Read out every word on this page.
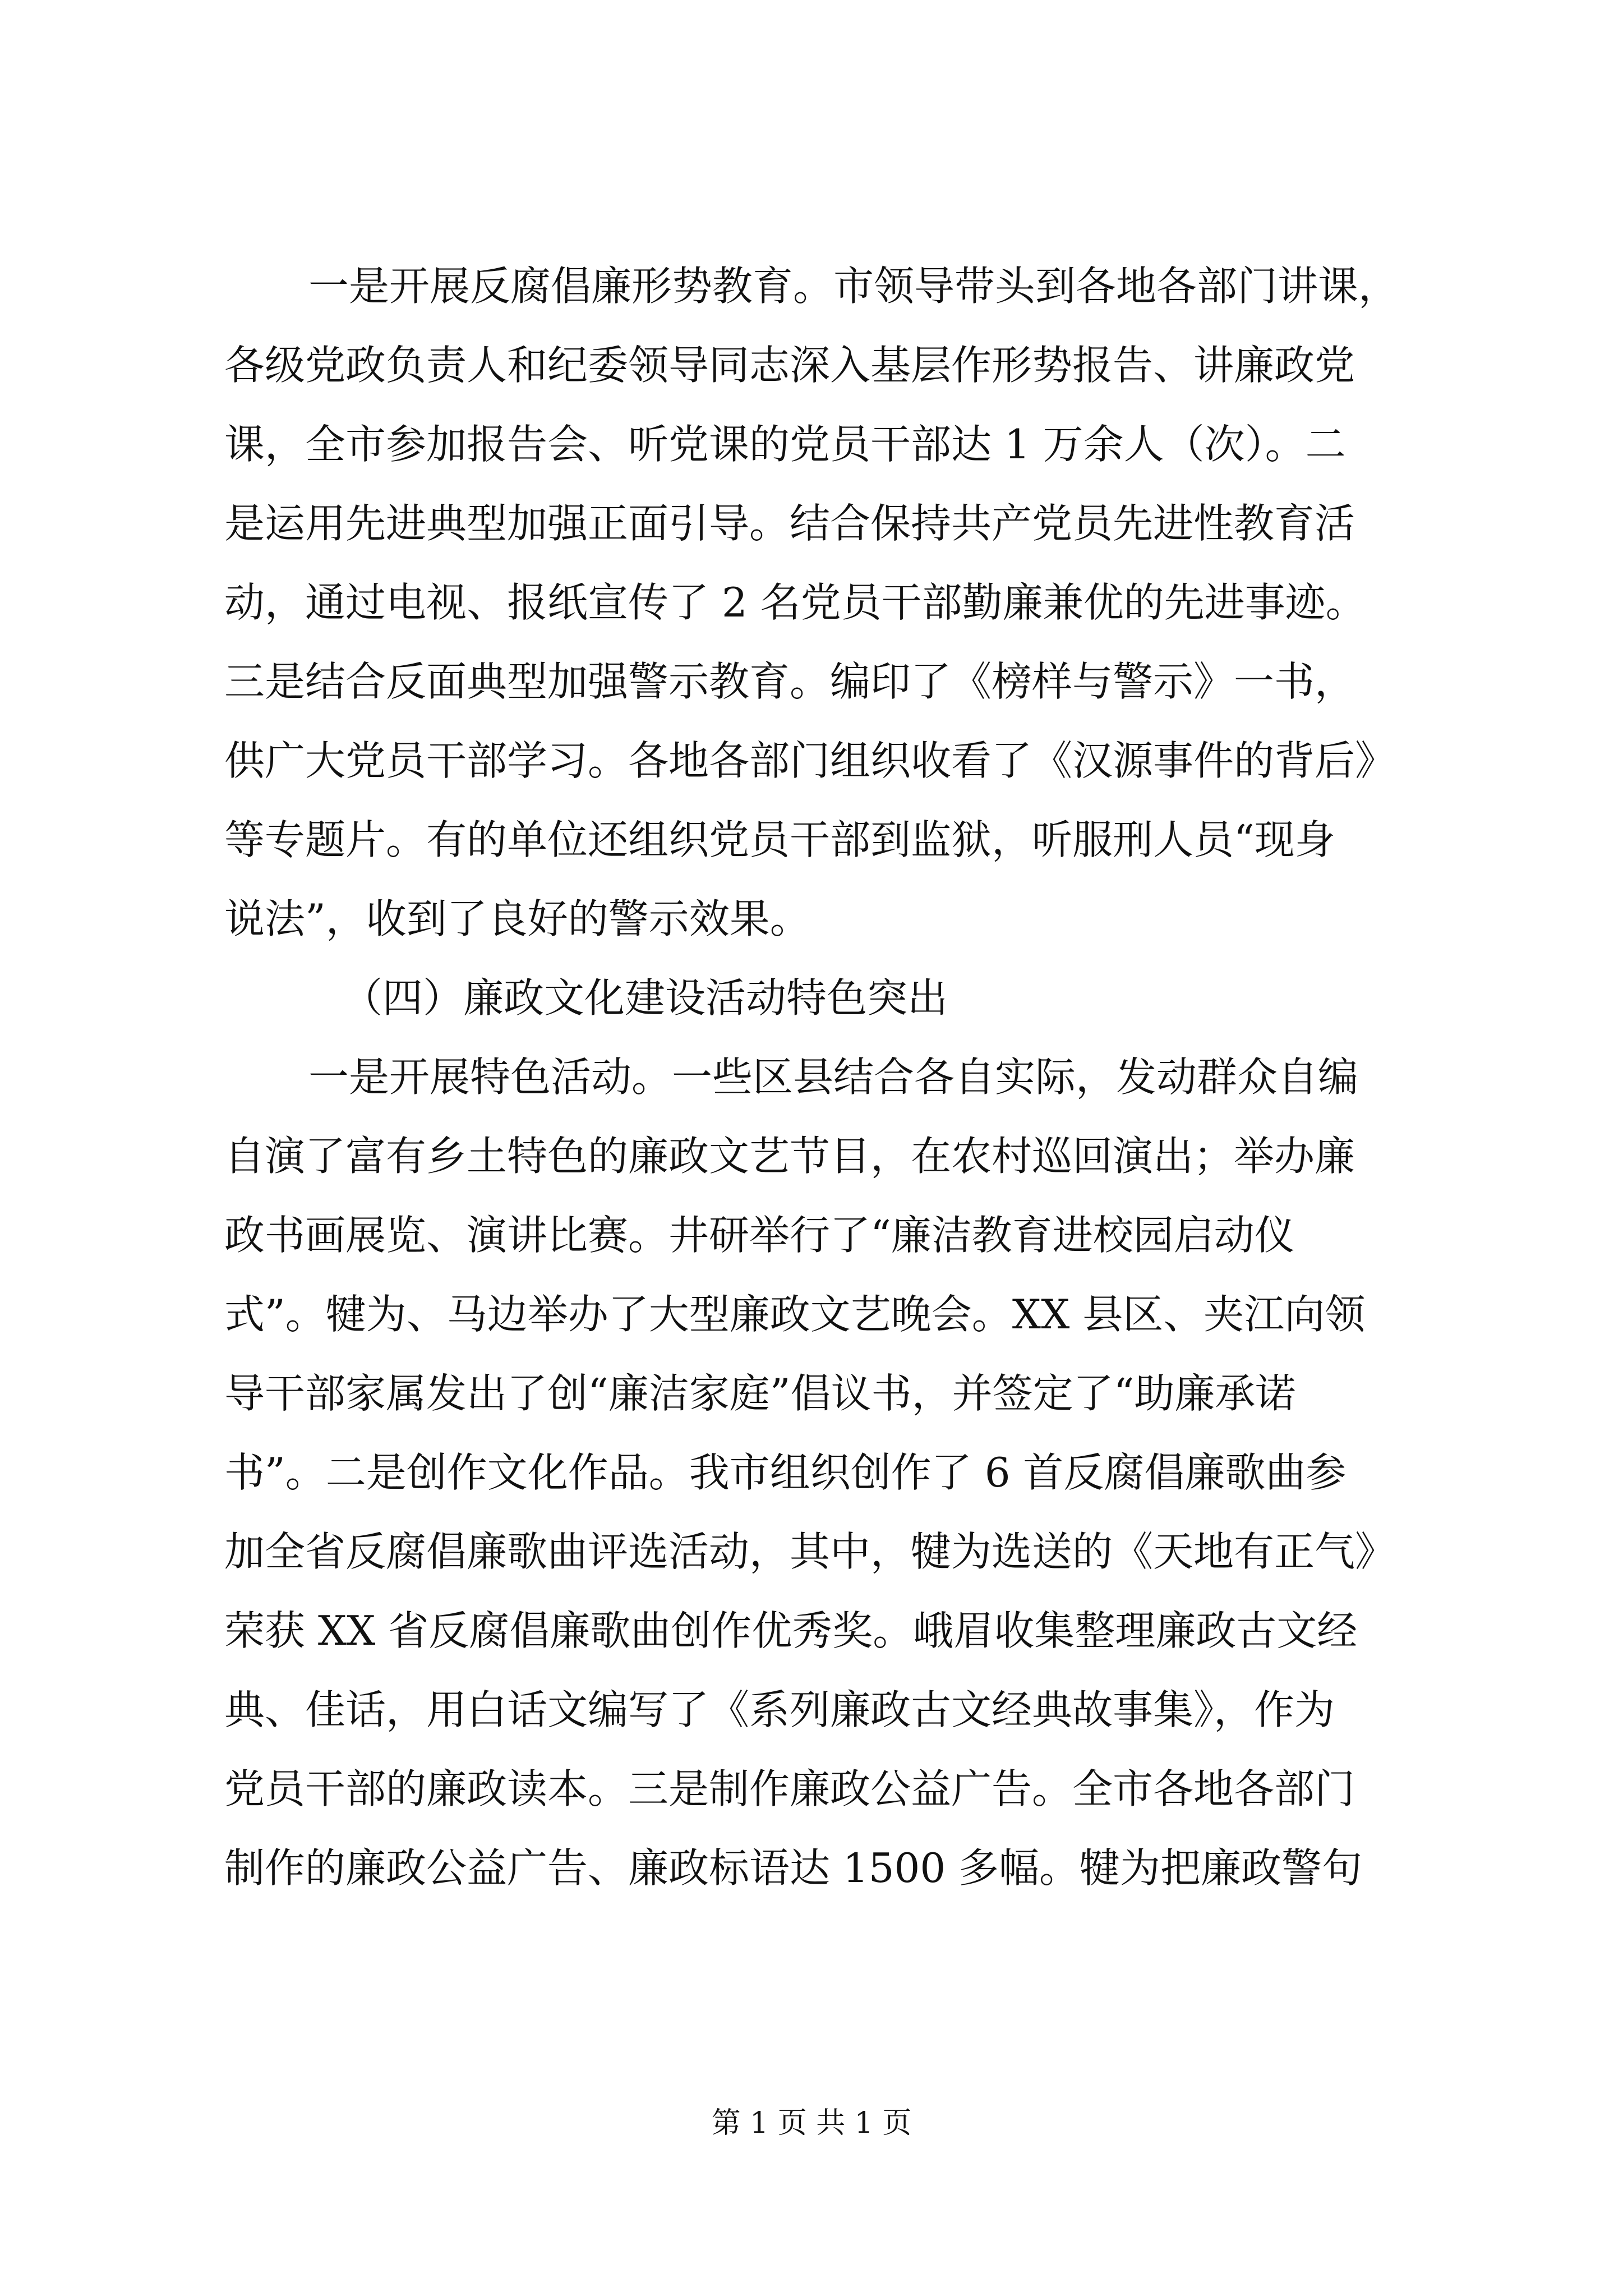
一是开展反腐倡廉形势教育。市领导带头到各地各部门讲课，
各级党政负责人和纪委领导同志深入基层作形势报告、讲廉政党
课，全市参加报告会、听党课的党员干部达 1 万余人（次）。二
是运用先进典型加强正面引导。结合保持共产党员先进性教育活
动，通过电视、报纸宣传了 2 名党员干部勤廉兼优的先进事迹。
三是结合反面典型加强警示教育。编印了《榜样与警示》一书，
供广大党员干部学习。各地各部门组织收看了《汉源事件的背后》
等专题片。有的单位还组织党员干部到监狱，听服刑人员“现身
说法”，收到了良好的警示效果。
（四）廉政文化建设活动特色突出
一是开展特色活动。一些区县结合各自实际，发动群众自编
自演了富有乡土特色的廉政文艺节目，在农村巡回演出；举办廉
政书画展览、演讲比赛。井研举行了“廉洁教育进校园启动仪
式”。犍为、马边举办了大型廉政文艺晚会。XX 县区、夹江向领
导干部家属发出了创“廉洁家庭”倡议书，并签定了“助廉承诺
书”。二是创作文化作品。我市组织创作了 6 首反腐倡廉歌曲参
加全省反腐倡廉歌曲评选活动，其中，犍为选送的《天地有正气》
荣获 XX 省反腐倡廉歌曲创作优秀奖。峨眉收集整理廉政古文经
典、佳话，用白话文编写了《系列廉政古文经典故事集》，作为
党员干部的廉政读本。三是制作廉政公益广告。全市各地各部门
制作的廉政公益广告、廉政标语达 1500 多幅。犍为把廉政警句
第 1 页 共 1 页
